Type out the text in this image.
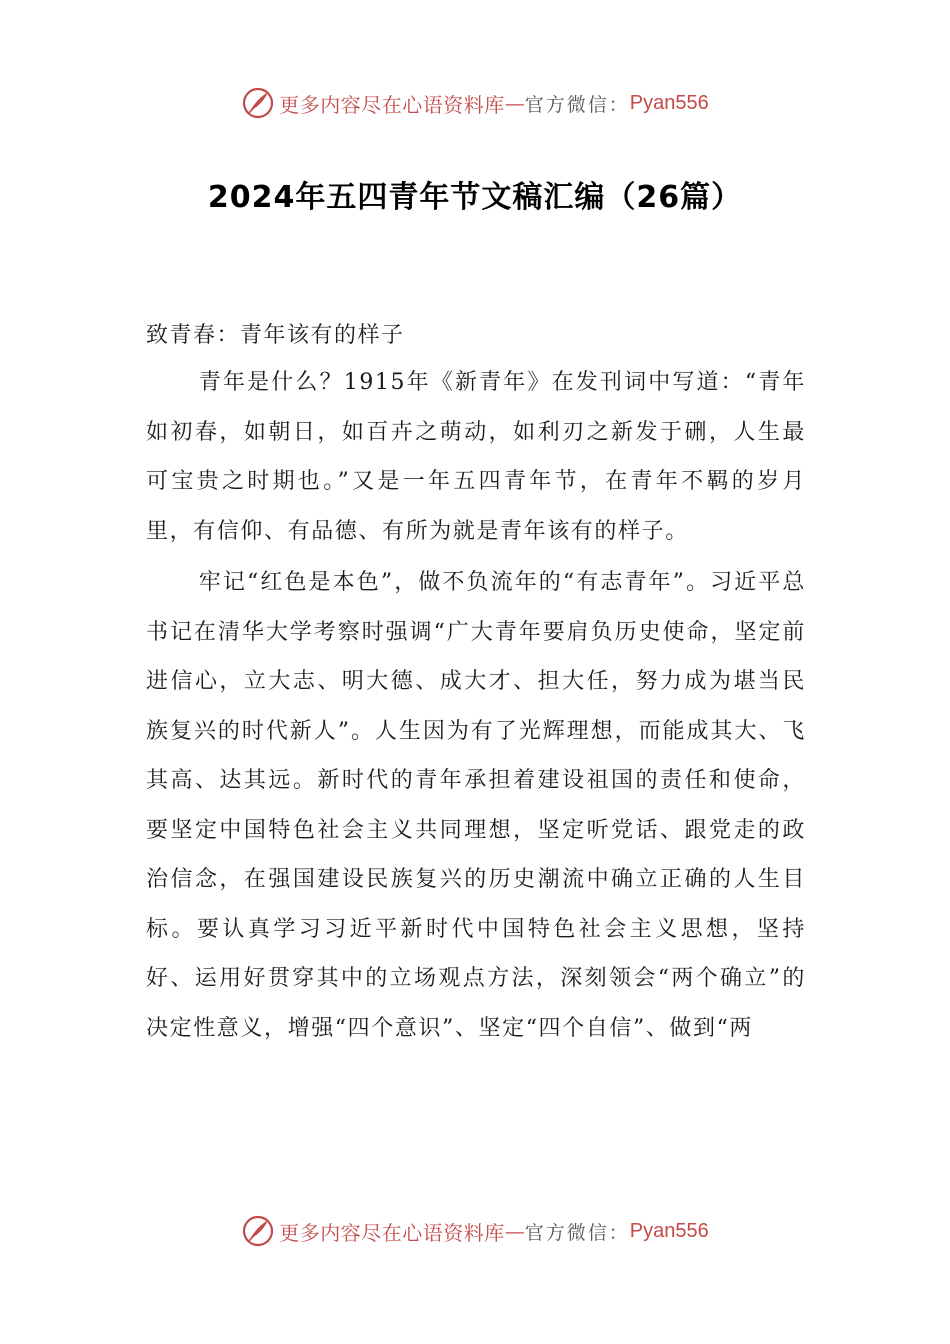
更多内容尽在心语资料库 — 官方微信： Pyan556
2024年五四青年节文稿汇编（26篇）

致青春：青年该有的样子

青年是什么？1915年《新青年》在发刊词中写道：“青年如初春，如朝日，如百卉之萌动，如利刃之新发于硎，人生最可宝贵之时期也。”又是一年五四青年节，在青年不羁的岁月里，有信仰、有品德、有所为就是青年该有的样子。

牢记“红色是本色”，做不负流年的“有志青年”。习近平总书记在清华大学考察时强调“广大青年要肩负历史使命，坚定前进信心，立大志、明大德、成大才、担大任，努力成为堪当民族复兴的时代新人”。人生因为有了光辉理想，而能成其大、飞其高、达其远。新时代的青年承担着建设祖国的责任和使命，要坚定中国特色社会主义共同理想，坚定听党话、跟党走的政治信念，在强国建设民族复兴的历史潮流中确立正确的人生目标。要认真学习习近平新时代中国特色社会主义思想，坚持好、运用好贯穿其中的立场观点方法，深刻领会“两个确立”的决定性意义，增强“四个意识”、坚定“四个自信”、做到“两

更多内容尽在心语资料库 — 官方微信： Pyan556
